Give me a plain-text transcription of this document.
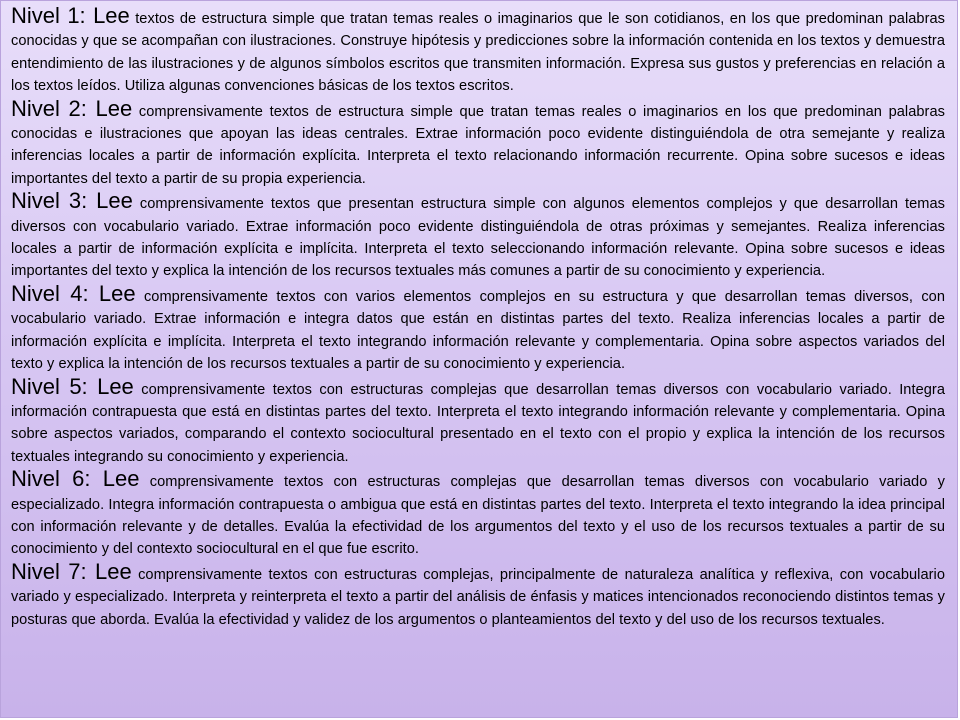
Nivel 1: Lee textos de estructura simple que tratan temas reales o imaginarios que le son cotidianos, en los que predominan palabras conocidas y que se acompañan con ilustraciones. Construye hipótesis y predicciones sobre la información contenida en los textos y demuestra entendimiento de las ilustraciones y de algunos símbolos escritos que transmiten información. Expresa sus gustos y preferencias en relación a los textos leídos. Utiliza algunas convenciones básicas de los textos escritos.

Nivel 2: Lee comprensivamente textos de estructura simple que tratan temas reales o imaginarios en los que predominan palabras conocidas e ilustraciones que apoyan las ideas centrales. Extrae información poco evidente distinguiéndola de otra semejante y realiza inferencias locales a partir de información explícita. Interpreta el texto relacionando información recurrente. Opina sobre sucesos e ideas importantes del texto a partir de su propia experiencia.

Nivel 3: Lee comprensivamente textos que presentan estructura simple con algunos elementos complejos y que desarrollan temas diversos con vocabulario variado. Extrae información poco evidente distinguiéndola de otras próximas y semejantes. Realiza inferencias locales a partir de información explícita e implícita. Interpreta el texto seleccionando información relevante. Opina sobre sucesos e ideas importantes del texto y explica la intención de los recursos textuales más comunes a partir de su conocimiento y experiencia.

Nivel 4: Lee comprensivamente textos con varios elementos complejos en su estructura y que desarrollan temas diversos, con vocabulario variado. Extrae información e integra datos que están en distintas partes del texto. Realiza inferencias locales a partir de información explícita e implícita. Interpreta el texto integrando información relevante y complementaria. Opina sobre aspectos variados del texto y explica la intención de los recursos textuales a partir de su conocimiento y experiencia.

Nivel 5: Lee comprensivamente textos con estructuras complejas que desarrollan temas diversos con vocabulario variado. Integra información contrapuesta que está en distintas partes del texto. Interpreta el texto integrando información relevante y complementaria. Opina sobre aspectos variados, comparando el contexto sociocultural presentado en el texto con el propio y explica la intención de los recursos textuales integrando su conocimiento y experiencia.

Nivel 6: Lee comprensivamente textos con estructuras complejas que desarrollan temas diversos con vocabulario variado y especializado. Integra información contrapuesta o ambigua que está en distintas partes del texto. Interpreta el texto integrando la idea principal con información relevante y de detalles. Evalúa la efectividad de los argumentos del texto y el uso de los recursos textuales a partir de su conocimiento y del contexto sociocultural en el que fue escrito.

Nivel 7: Lee comprensivamente textos con estructuras complejas, principalmente de naturaleza analítica y reflexiva, con vocabulario variado y especializado. Interpreta y reinterpreta el texto a partir del análisis de énfasis y matices intencionados reconociendo distintos temas y posturas que aborda. Evalúa la efectividad y validez de los argumentos o planteamientos del texto y del uso de los recursos textuales.
